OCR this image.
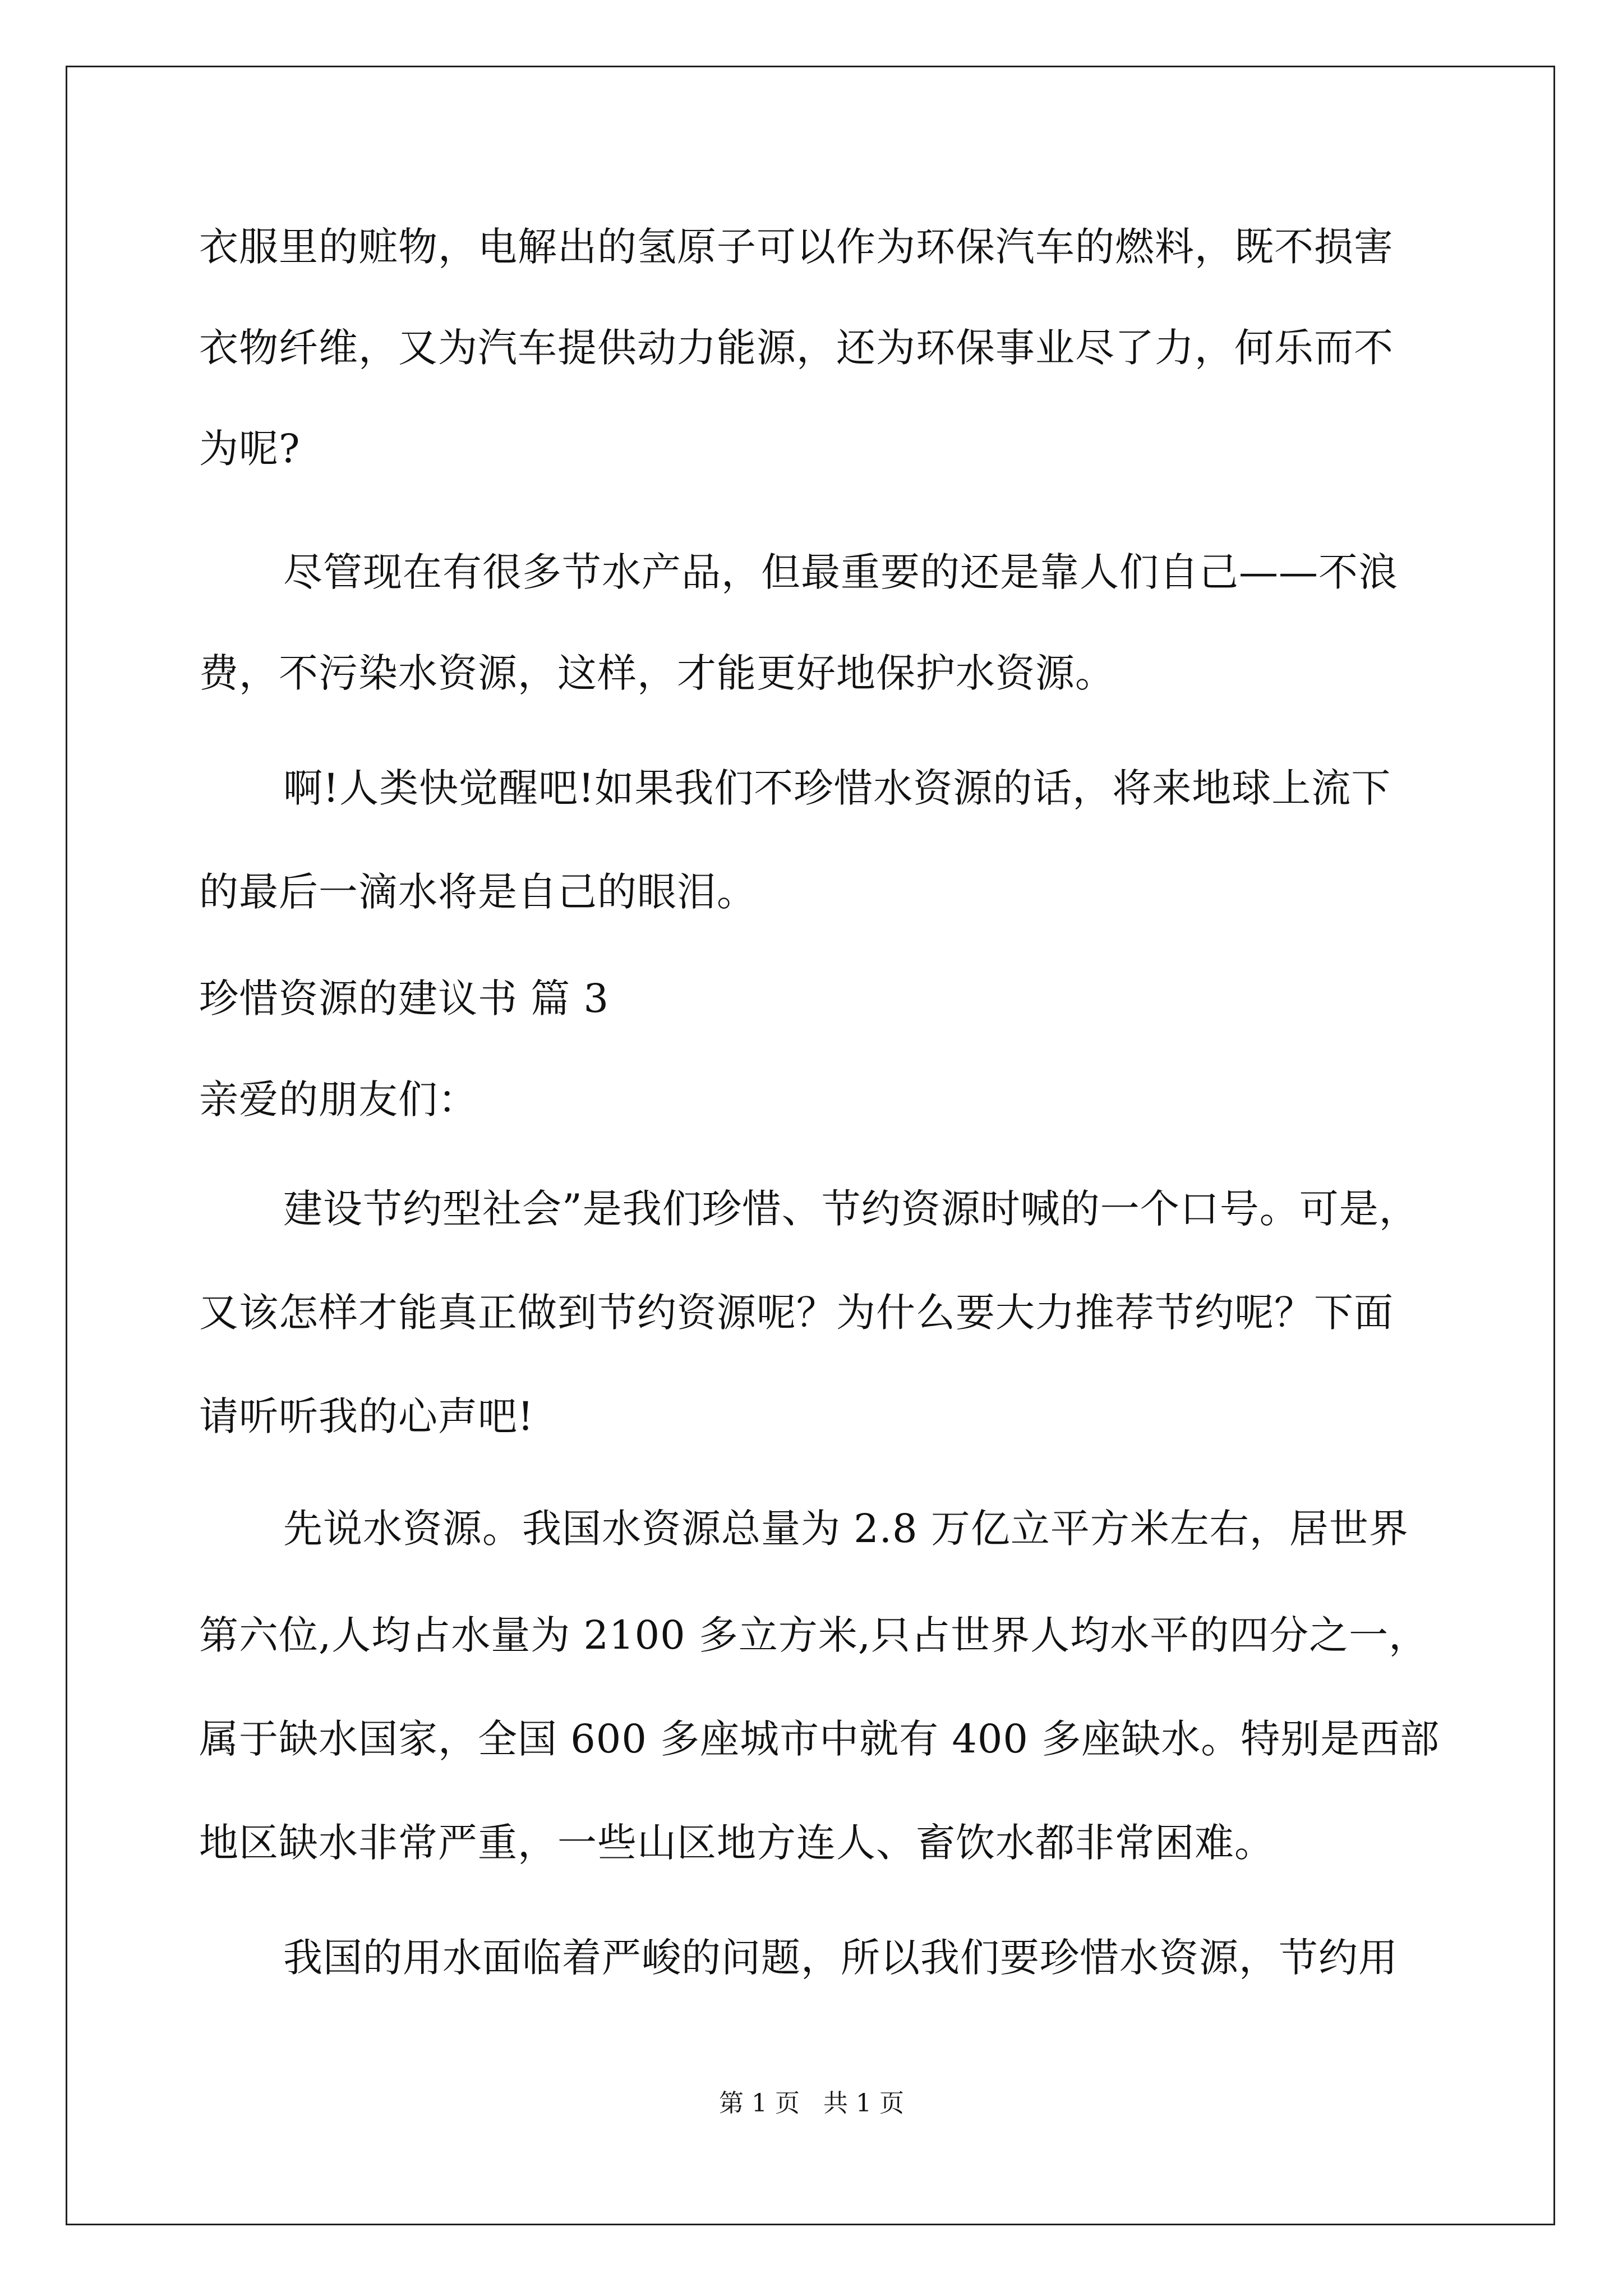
衣服里的赃物，电解出的氢原子可以作为环保汽车的燃料，既不损害
衣物纤维，又为汽车提供动力能源，还为环保事业尽了力，何乐而不
为呢?
尽管现在有很多节水产品，但最重要的还是靠人们自己——不浪
费，不污染水资源，这样，才能更好地保护水资源。
啊!人类快觉醒吧!如果我们不珍惜水资源的话，将来地球上流下
的最后一滴水将是自己的眼泪。
珍惜资源的建议书 篇 3
亲爱的朋友们：
建设节约型社会”是我们珍惜、节约资源时喊的一个口号。可是，
又该怎样才能真正做到节约资源呢？为什么要大力推荐节约呢？下面
请听听我的心声吧!
先说水资源。我国水资源总量为 2.8 万亿立平方米左右，居世界
第六位,人均占水量为 2100 多立方米,只占世界人均水平的四分之一，
属于缺水国家，全国 600 多座城市中就有 400 多座缺水。特别是西部
地区缺水非常严重，一些山区地方连人、畜饮水都非常困难。
我国的用水面临着严峻的问题，所以我们要珍惜水资源，节约用
第 1 页   共 1 页
